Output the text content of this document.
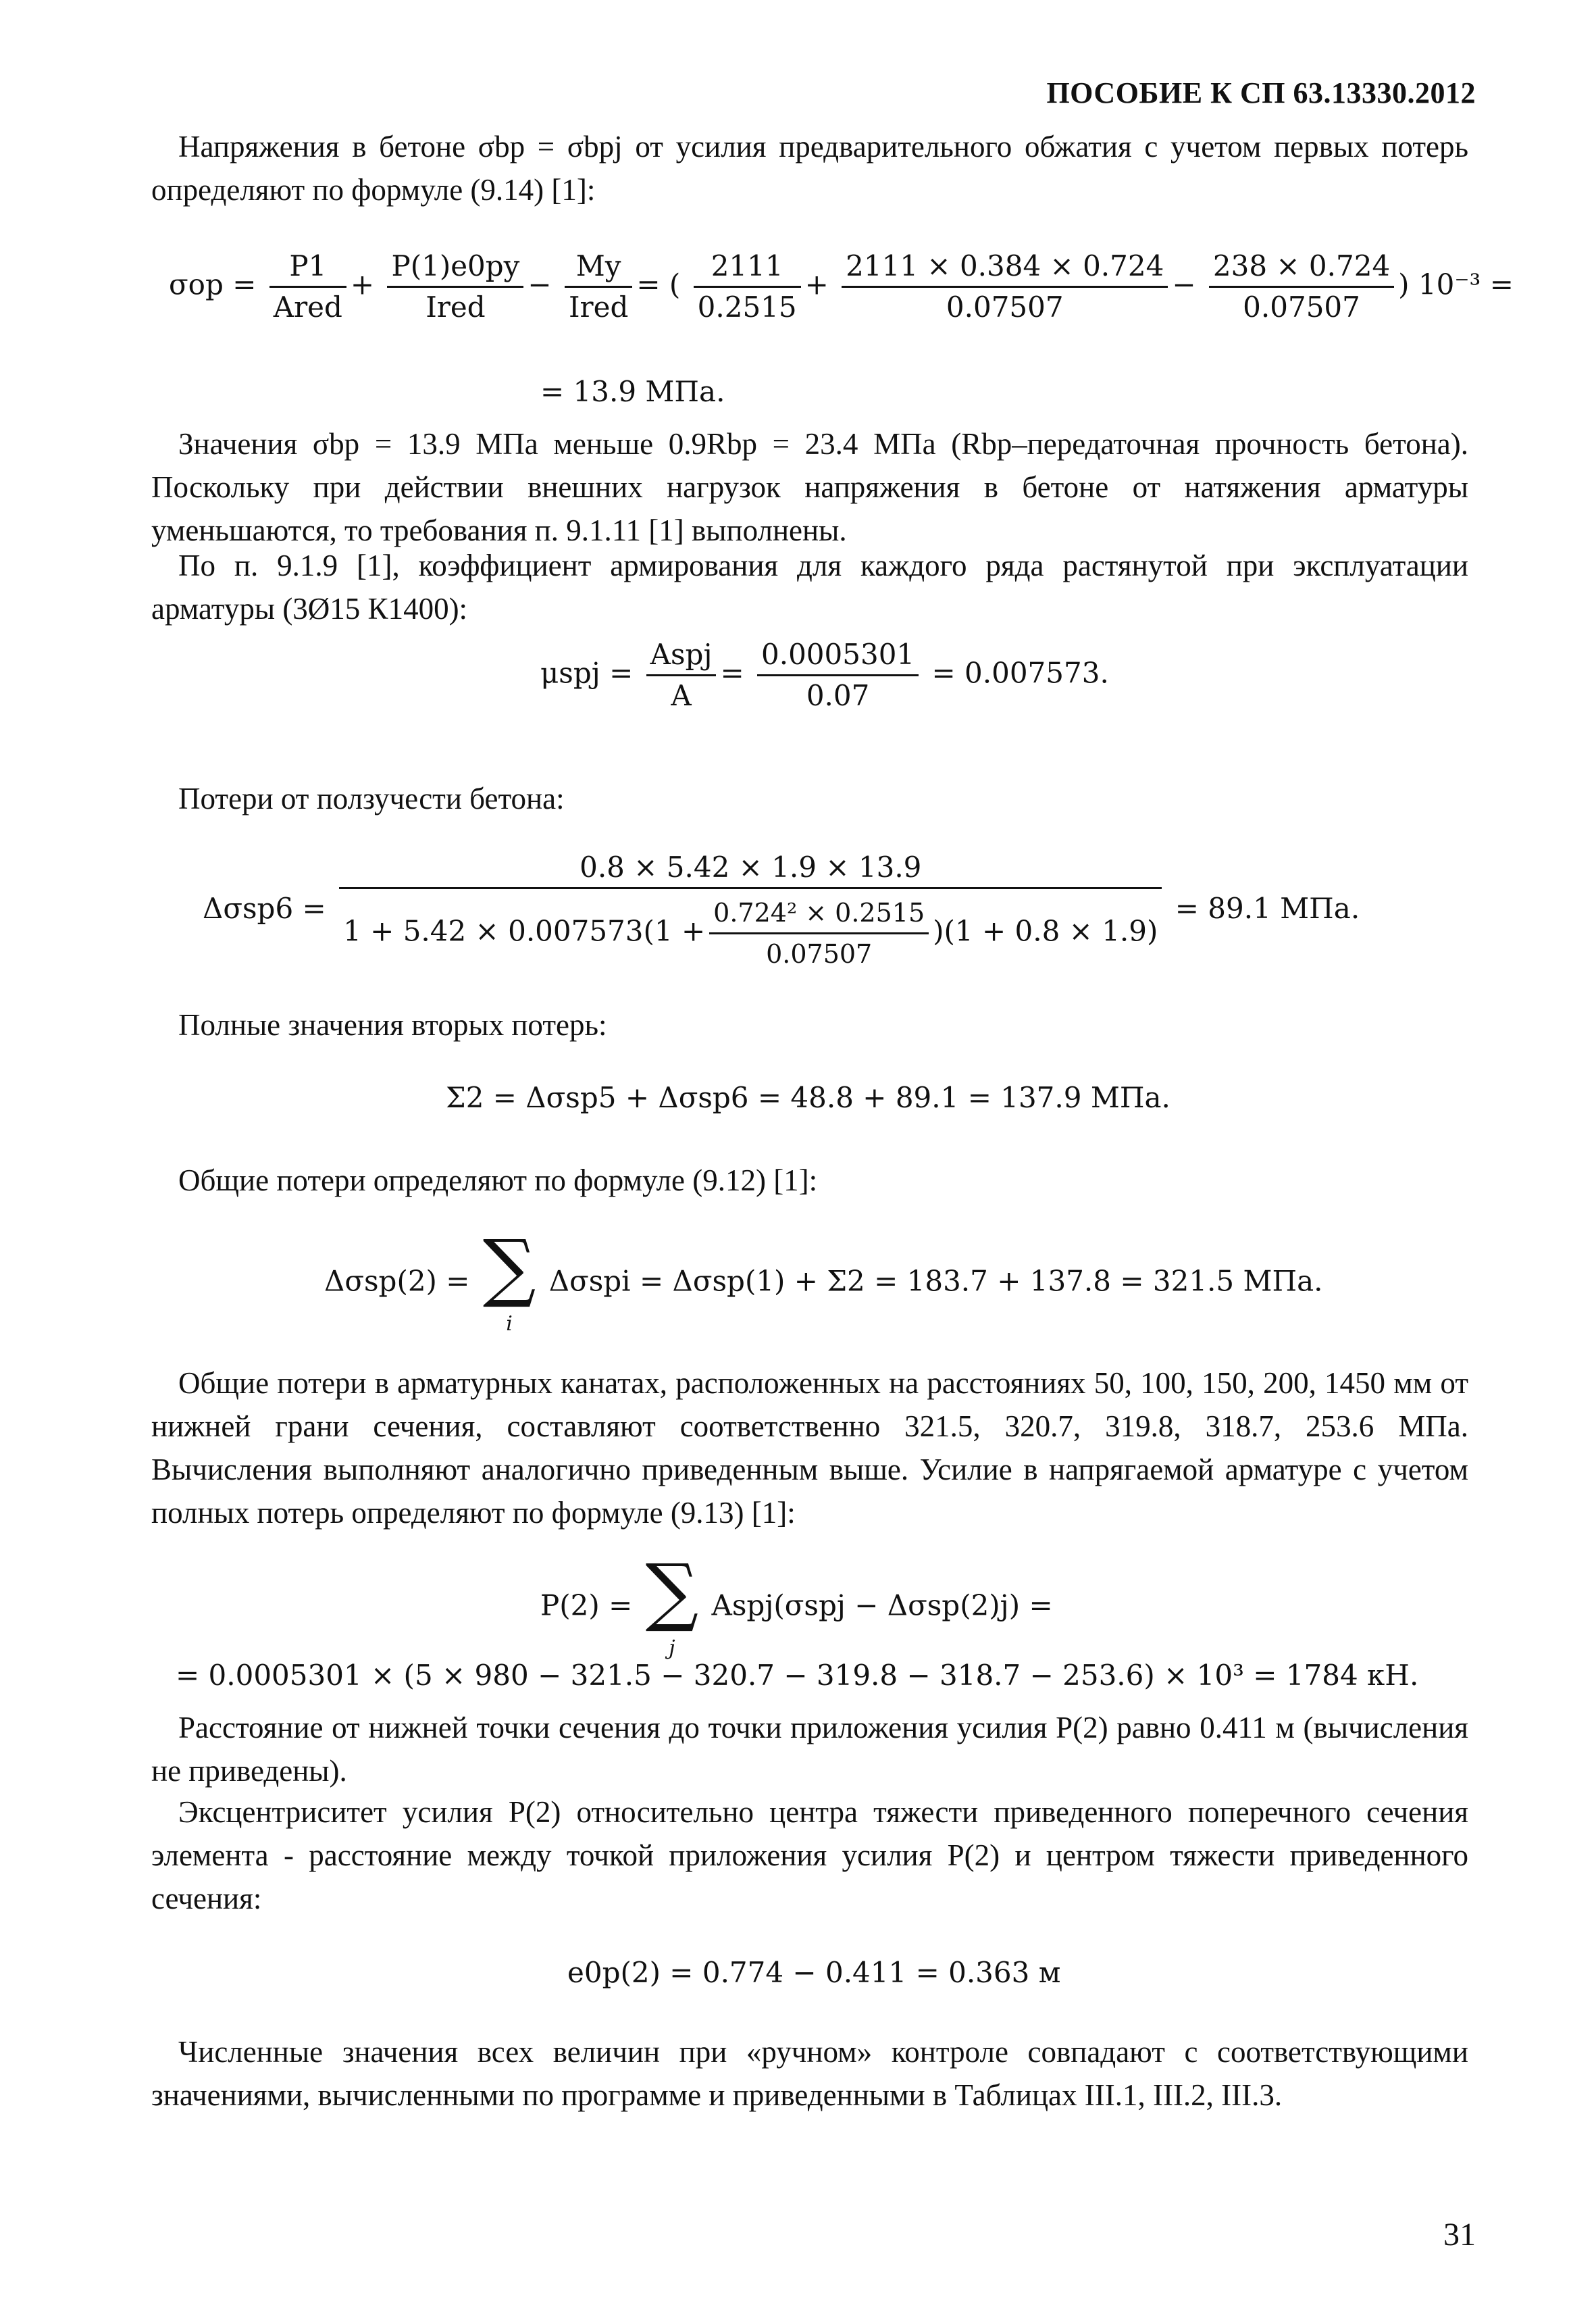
ПОСОБИЕ К СП 63.13330.2012

Напряжения в бетоне σbp = σbpj от усилия предварительного обжатия с учетом первых потерь определяют по формуле (9.14) [1]:

$\sigma op = \frac{P1}{\text{Ared}} + \frac{P(1)e0py}{\text{Ired}} - \frac{My}{\text{Ired}}$ = ( $\frac{2111}{0.2515} + \frac{2111 \times 0.384 \times 0.724}{0.07507} - \frac{238 \times 0.724}{0.07507}$ ) 10⁻³ =
= 13.9 МПа.

Значения σbp = 13.9 МПа меньше 0.9Rbp = 23.4 МПа (Rbp–передаточная прочность бетона). Поскольку при действии внешних нагрузок напряжения в бетоне от натяжения арматуры уменьшаются, то требования п. 9.1.11 [1] выполнены.

По п. 9.1.9 [1], коэффициент армирования для каждого ряда растянутой при эксплуатации арматуры (3Ø15 К1400):

$\mu spj = \frac{\text{Aspj}}{A} = \frac{0.0005301}{0.07} = 0.007573$.

Потери от ползучести бетона:

Δσsp6 =
0.8 × 5.42 × 1.9 × 13.9
$1 + 5.42 \times 0.007573(1 + \frac{\text{0.724² × 0.2515}}{0.07507} )(1 + 0.8 \times 1.9)$
= 89.1 МПа.

Полные значения вторых потерь:

Σ2 = Δσsp5 + Δσsp6 = 48.8 + 89.1 = 137.9 МПа.

Общие потери определяют по формуле (9.12) [1]:

Δσsp(2) = ∑
i Δσspi = Δσsp(1) + Σ2 = 183.7 + 137.8 = 321.5 МПа.

Общие потери в арматурных канатах, расположенных на расстояниях 50, 100, 150, 200, 1450 мм от нижней грани сечения, составляют соответственно 321.5, 320.7, 319.8, 318.7, 253.6 МПа. Вычисления выполняют аналогично приведенным выше. Усилие в напрягаемой арматуре с учетом полных потерь определяют по формуле (9.13) [1]:

P(2) = ∑
j Aspj(σspj − Δσsp(2)j) =
= 0.0005301 × (5 × 980 − 321.5 − 320.7 − 319.8 − 318.7 − 253.6) × 10³ = 1784 кН.

Расстояние от нижней точки сечения до точки приложения усилия P(2) равно 0.411 м (вычисления не приведены).

Эксцентриситет усилия P(2) относительно центра тяжести приведенного поперечного сечения элемента - расстояние между точкой приложения усилия P(2) и центром тяжести приведенного сечения:

e0p(2) = 0.774 − 0.411 = 0.363 м

Численные значения всех величин при «ручном» контроле совпадают с соответствующими значениями, вычисленными по программе и приведенными в Таблицах III.1, III.2, III.3.

31
